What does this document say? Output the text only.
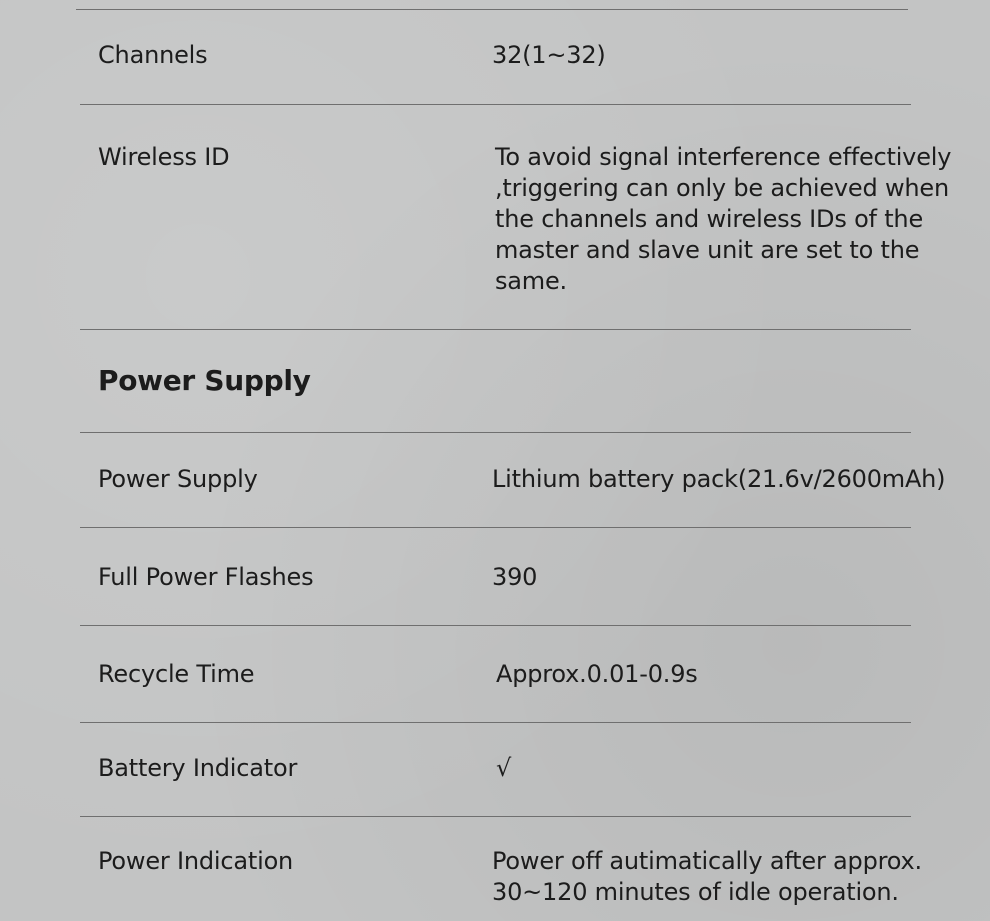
Channels	32(1~32)
Wireless ID	To avoid signal interference effectively
,triggering can only be achieved when
the channels and wireless IDs of the
master and slave unit are set to the
same.
Power Supply
Power Supply	Lithium battery pack(21.6v/2600mAh)
Full Power Flashes	390
Recycle Time	Approx.0.01-0.9s
Battery Indicator	√
Power Indication	Power off autimatically after approx.
30~120 minutes of idle operation.
